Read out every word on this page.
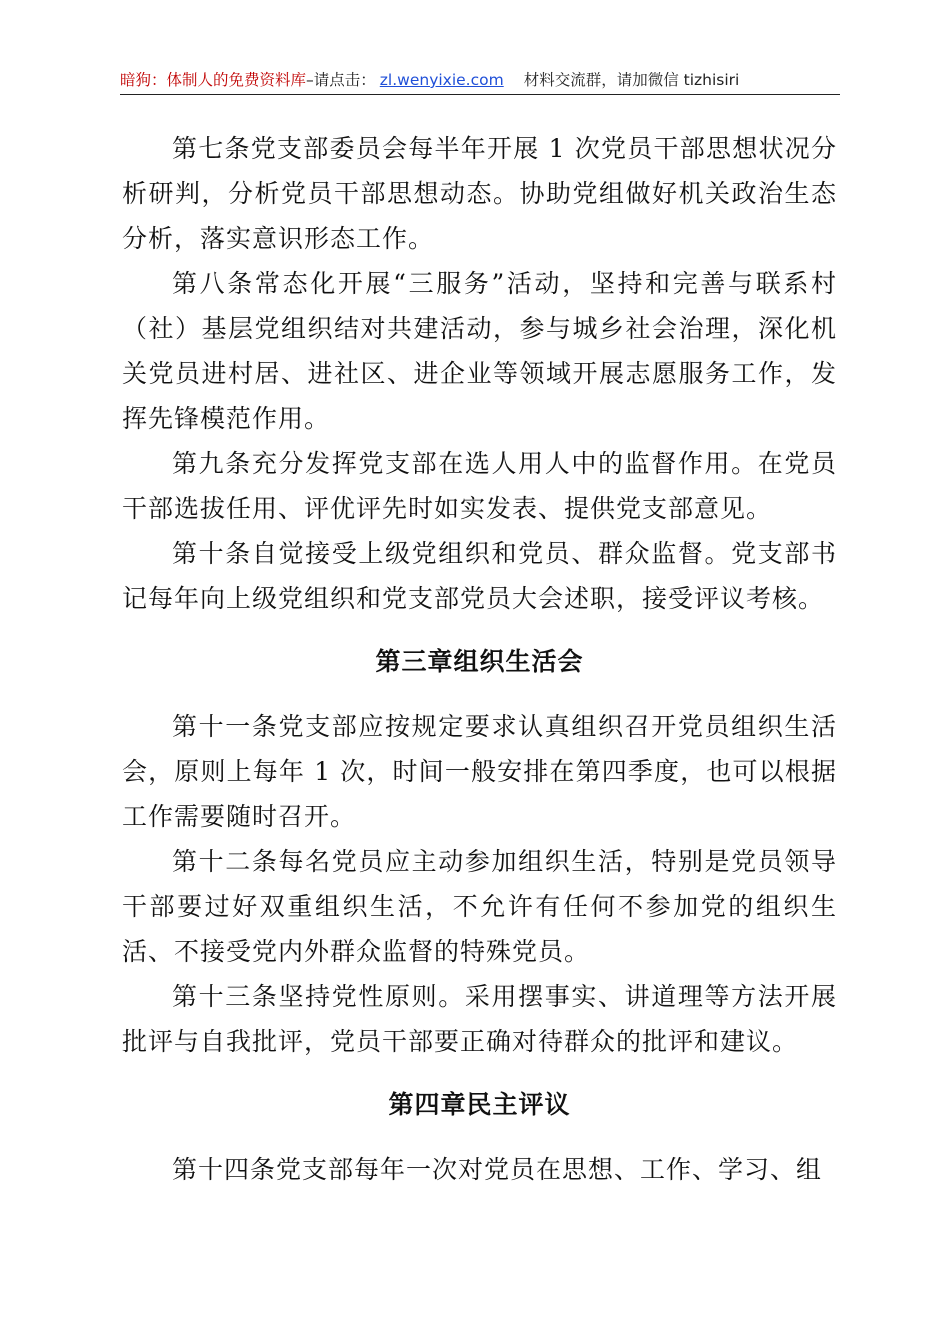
暗狗：体制人的免费资料库–请点击： zl.wenyixie.com 材料交流群，请加微信 tizhisiri

第七条党支部委员会每半年开展 1 次党员干部思想状况分析研判，分析党员干部思想动态。协助党组做好机关政治生态分析，落实意识形态工作。

第八条常态化开展“三服务”活动，坚持和完善与联系村（社）基层党组织结对共建活动，参与城乡社会治理，深化机关党员进村居、进社区、进企业等领域开展志愿服务工作，发挥先锋模范作用。

第九条充分发挥党支部在选人用人中的监督作用。在党员干部选拔任用、评优评先时如实发表、提供党支部意见。

第十条自觉接受上级党组织和党员、群众监督。党支部书记每年向上级党组织和党支部党员大会述职，接受评议考核。

第三章组织生活会

第十一条党支部应按规定要求认真组织召开党员组织生活会，原则上每年 1 次，时间一般安排在第四季度，也可以根据工作需要随时召开。

第十二条每名党员应主动参加组织生活，特别是党员领导干部要过好双重组织生活，不允许有任何不参加党的组织生活、不接受党内外群众监督的特殊党员。

第十三条坚持党性原则。采用摆事实、讲道理等方法开展批评与自我批评，党员干部要正确对待群众的批评和建议。

第四章民主评议

第十四条党支部每年一次对党员在思想、工作、学习、组
